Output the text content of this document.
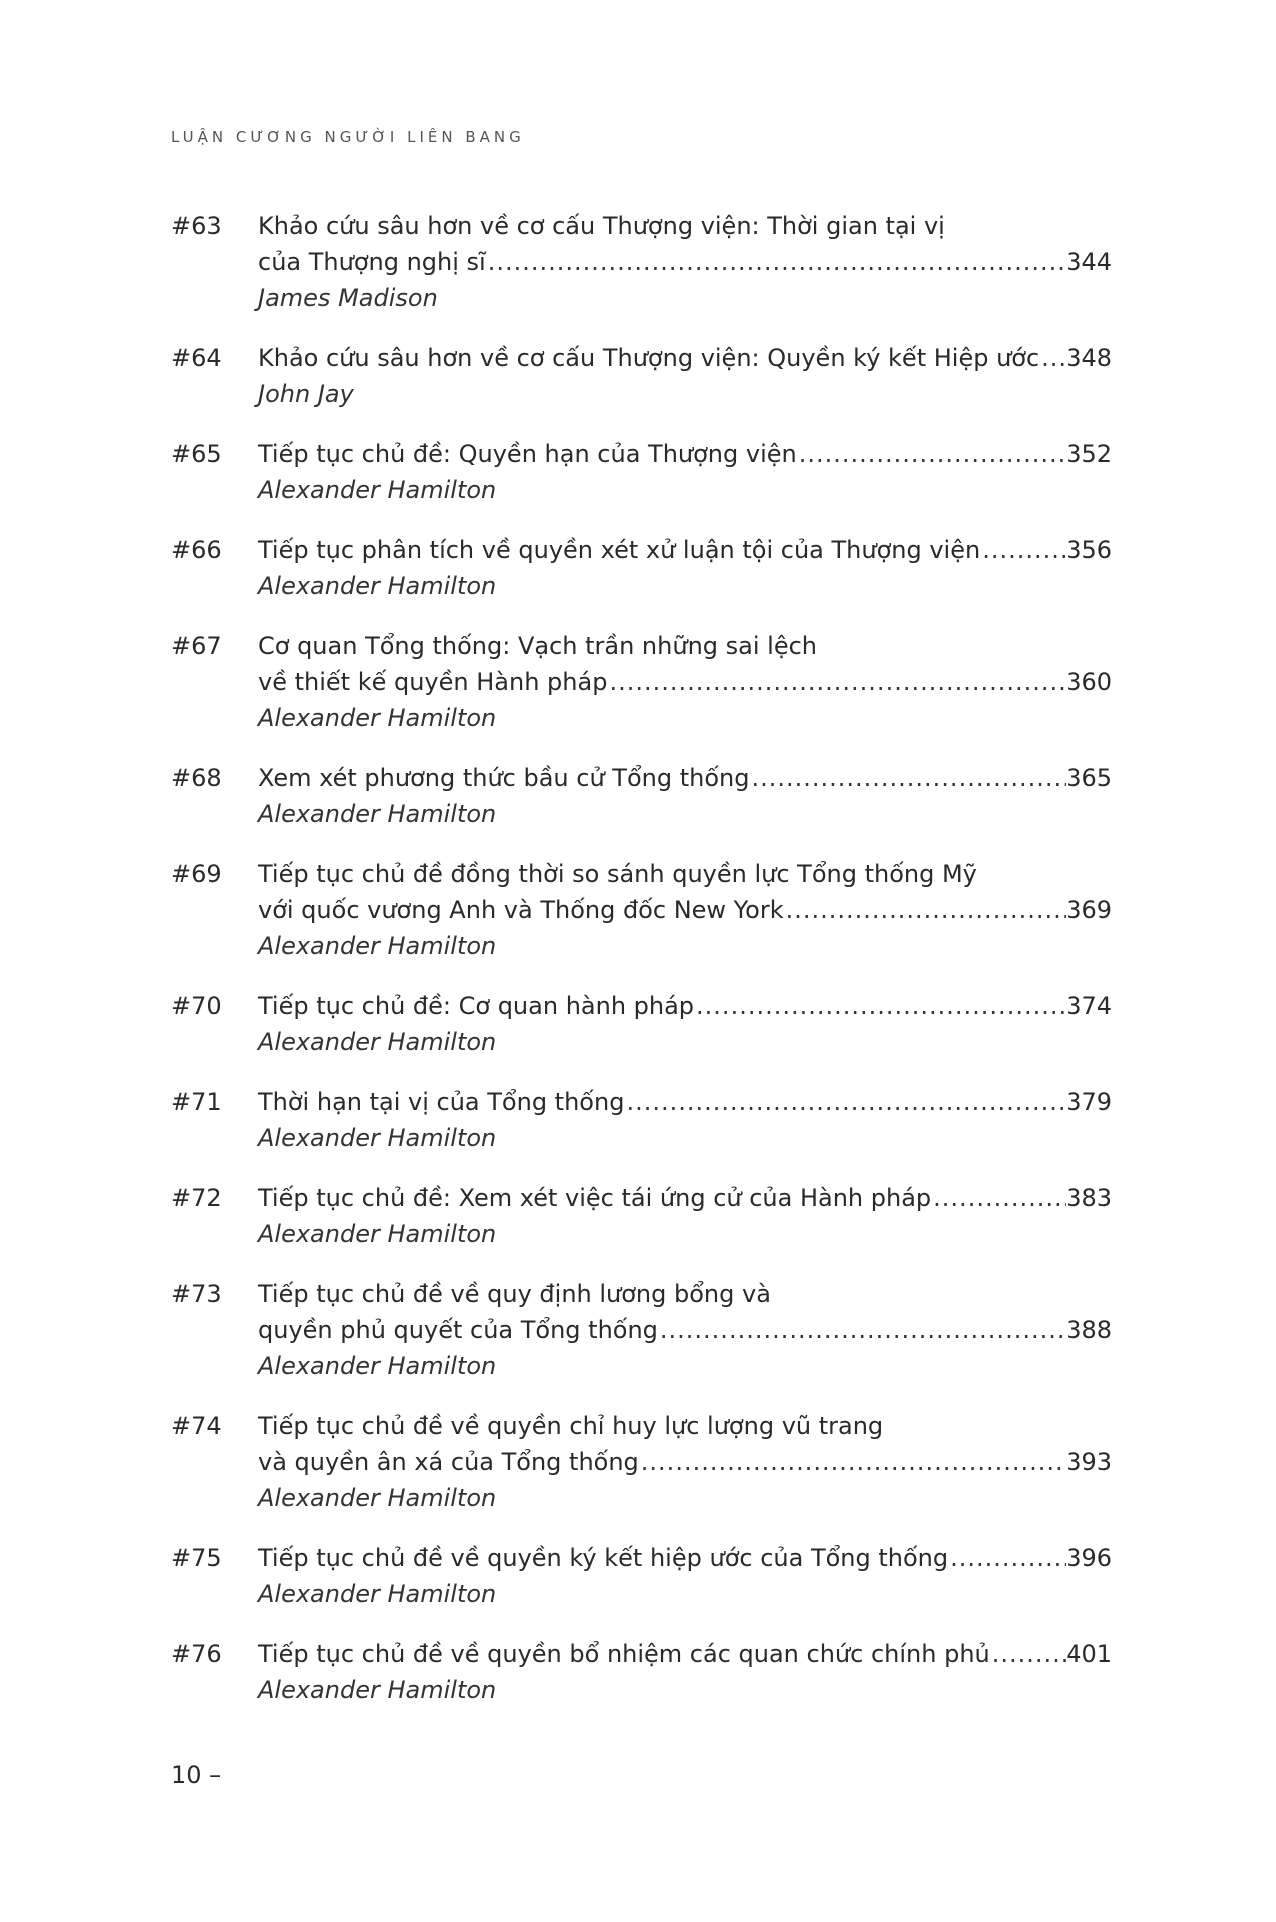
LUẬN CƯƠNG NGƯỜI LIÊN BANG
#63	Khảo cứu sâu hơn về cơ cấu Thượng viện: Thời gian tại vị
của Thượng nghị sĩ .....	344
James Madison
#64	Khảo cứu sâu hơn về cơ cấu Thượng viện: Quyền ký kết Hiệp ước ..... 348
John Jay
#65	Tiếp tục chủ đề: Quyền hạn của Thượng viện .....	352
Alexander Hamilton
#66	Tiếp tục phân tích về quyền xét xử luận tội của Thượng viện .....	356
Alexander Hamilton
#67	Cơ quan Tổng thống: Vạch trần những sai lệch
về thiết kế quyền Hành pháp .....	360
Alexander Hamilton
#68	Xem xét phương thức bầu cử Tổng thống .....	365
Alexander Hamilton
#69	Tiếp tục chủ đề đồng thời so sánh quyền lực Tổng thống Mỹ
với quốc vương Anh và Thống đốc New York .....	369
Alexander Hamilton
#70	Tiếp tục chủ đề: Cơ quan hành pháp .....	374
Alexander Hamilton
#71	Thời hạn tại vị của Tổng thống .....	379
Alexander Hamilton
#72	Tiếp tục chủ đề: Xem xét việc tái ứng cử của Hành pháp .....	383
Alexander Hamilton
#73	Tiếp tục chủ đề về quy định lương bổng và
quyền phủ quyết của Tổng thống .....	388
Alexander Hamilton
#74	Tiếp tục chủ đề về quyền chỉ huy lực lượng vũ trang
và quyền ân xá của Tổng thống .....	393
Alexander Hamilton
#75	Tiếp tục chủ đề về quyền ký kết hiệp ước của Tổng thống .....	396
Alexander Hamilton
#76	Tiếp tục chủ đề về quyền bổ nhiệm các quan chức chính phủ .....	401
Alexander Hamilton
10 –
